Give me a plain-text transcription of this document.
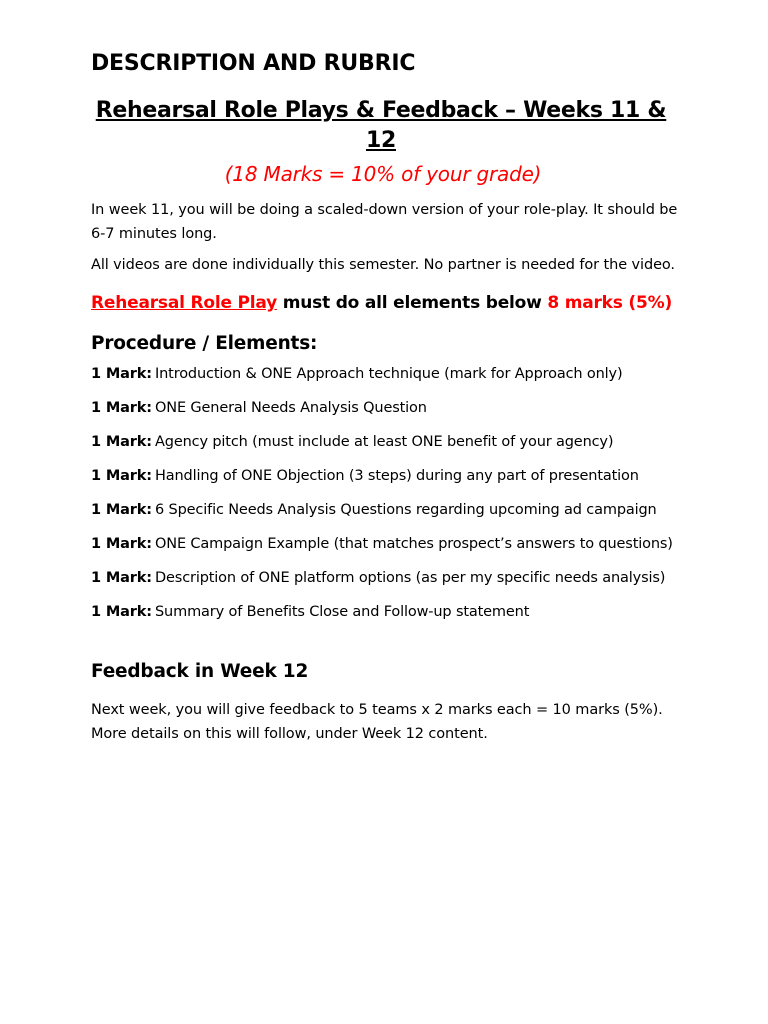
DESCRIPTION AND RUBRIC
Rehearsal Role Plays & Feedback – Weeks 11 & 12

(18 Marks = 10% of your grade)

In week 11, you will be doing a scaled-down version of your role-play. It should be 6-7 minutes long.

All videos are done individually this semester. No partner is needed for the video.

Rehearsal Role Play must do all elements below 8 marks (5%)

Procedure / Elements:
1 Mark: Introduction & ONE Approach technique (mark for Approach only)
1 Mark: ONE General Needs Analysis Question
1 Mark: Agency pitch (must include at least ONE benefit of your agency)
1 Mark: Handling of ONE Objection (3 steps) during any part of presentation
1 Mark: 6 Specific Needs Analysis Questions regarding upcoming ad campaign
1 Mark: ONE Campaign Example (that matches prospect’s answers to questions)
1 Mark: Description of ONE platform options (as per my specific needs analysis)
1 Mark: Summary of Benefits Close and Follow-up statement
Feedback in Week 12

Next week, you will give feedback to 5 teams x 2 marks each = 10 marks (5%). More details on this will follow, under Week 12 content.
